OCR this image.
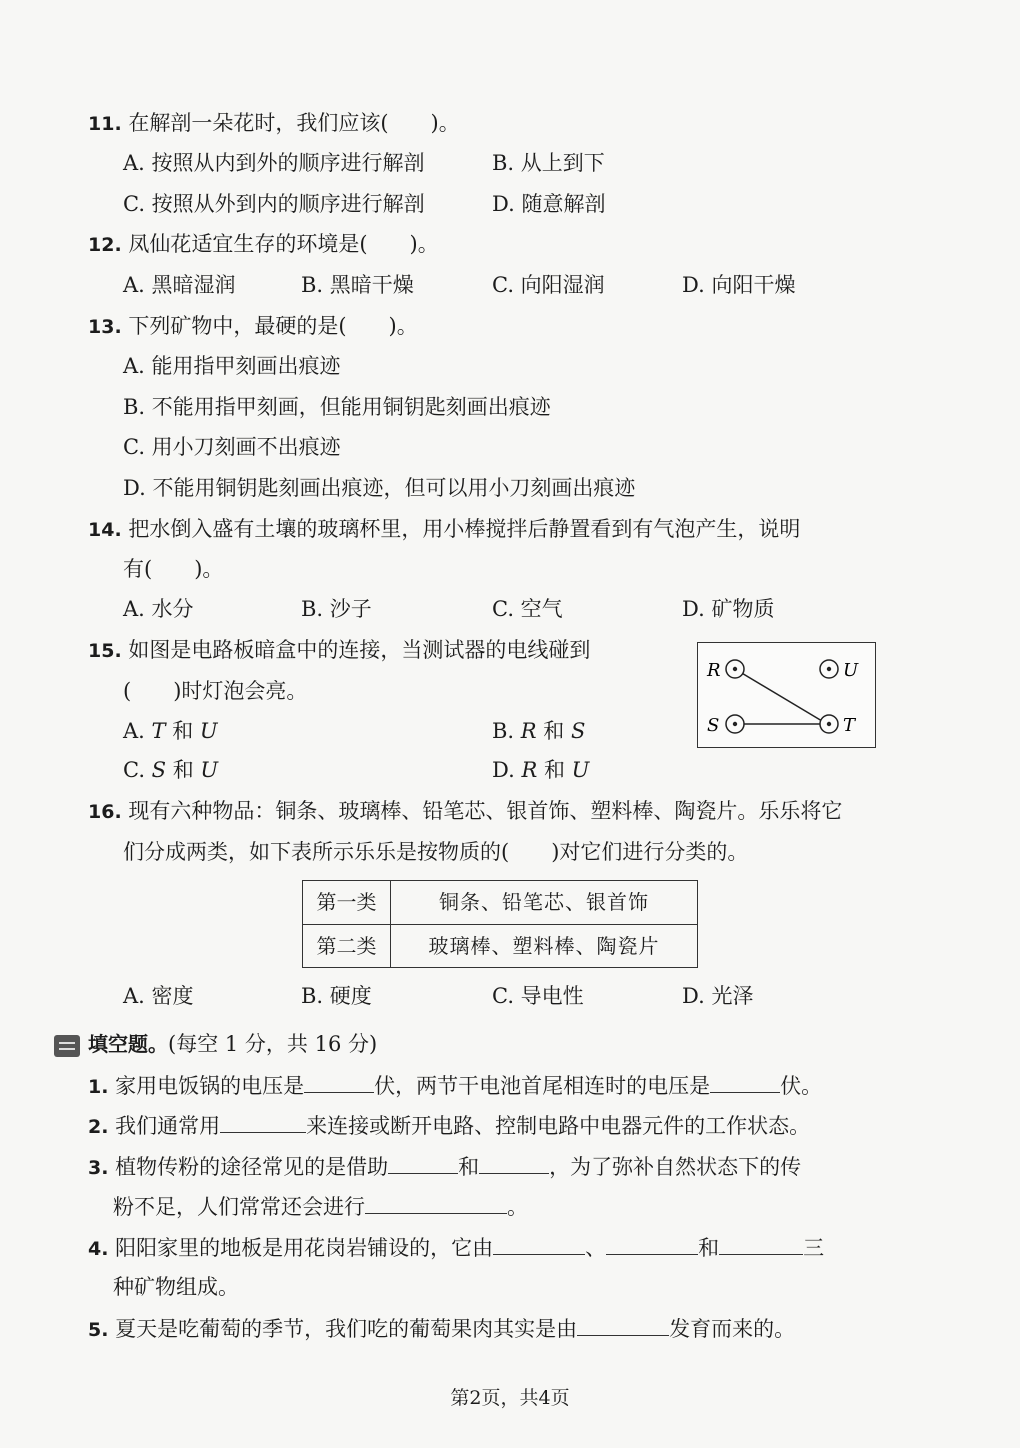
11. 在解剖一朵花时，我们应该(　　)。
A. 按照从内到外的顺序进行解剖	B. 从上到下
C. 按照从外到内的顺序进行解剖	D. 随意解剖
12. 凤仙花适宜生存的环境是(　　)。
A. 黑暗湿润	B. 黑暗干燥	C. 向阳湿润	D. 向阳干燥
13. 下列矿物中，最硬的是(　　)。
A. 能用指甲刻画出痕迹
B. 不能用指甲刻画，但能用铜钥匙刻画出痕迹
C. 用小刀刻画不出痕迹
D. 不能用铜钥匙刻画出痕迹，但可以用小刀刻画出痕迹
14. 把水倒入盛有土壤的玻璃杯里，用小棒搅拌后静置看到有气泡产生，说明
有(　　)。
A. 水分	B. 沙子	C. 空气	D. 矿物质
15. 如图是电路板暗盒中的连接，当测试器的电线碰到
(　　)时灯泡会亮。
A. T 和 U	B. R 和 S
C. S 和 U	D. R 和 U
R	U
S	T
16. 现有六种物品：铜条、玻璃棒、铅笔芯、银首饰、塑料棒、陶瓷片。乐乐将它
们分成两类，如下表所示乐乐是按物质的(　　)对它们进行分类的。
第一类	铜条、铅笔芯、银首饰
第二类	玻璃棒、塑料棒、陶瓷片
A. 密度	B. 硬度	C. 导电性	D. 光泽
填空题。(每空 1 分，共 16 分)
1. 家用电饭锅的电压是	伏，两节干电池首尾相连时的电压是	伏。
2. 我们通常用	来连接或断开电路、控制电路中电器元件的工作状态。
3. 植物传粉的途径常见的是借助	和	，为了弥补自然状态下的传
粉不足，人们常常还会进行	。
4. 阳阳家里的地板是用花岗岩铺设的，它由	、	和	三
种矿物组成。
5. 夏天是吃葡萄的季节，我们吃的葡萄果肉其实是由	发育而来的。
第2页，共4页
